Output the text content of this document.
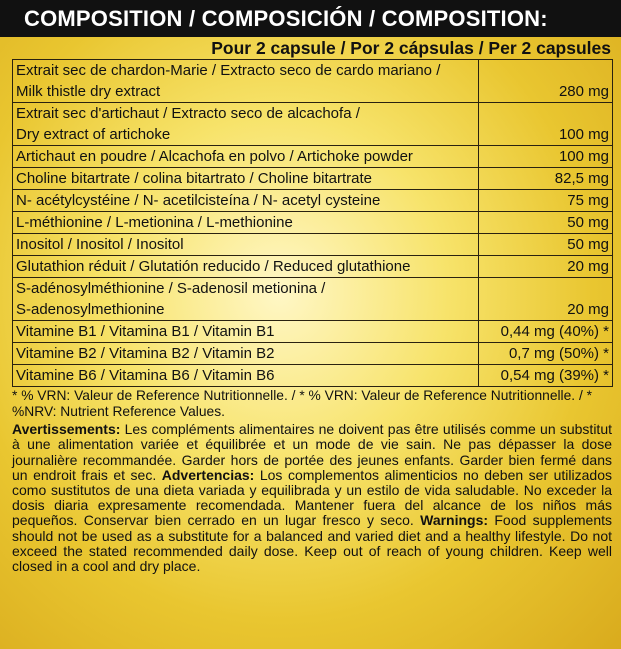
COMPOSITION / COMPOSICIÓN / COMPOSITION:
Pour 2 capsule / Por 2 cápsulas / Per 2 capsules
Extrait sec de chardon-Marie / Extracto seco de cardo mariano /
Milk thistle dry extract	280 mg

Extrait sec d'artichaut / Extracto seco de alcachofa /
Dry extract of artichoke	100 mg

Artichaut en poudre / Alcachofa en polvo / Artichoke powder	100 mg

Choline bitartrate / colina bitartrato / Choline bitartrate	82,5 mg

N- acétylcystéine / N- acetilcisteína / N- acetyl cysteine	75 mg

L-méthionine / L-metionina / L-methionine	50 mg

Inositol / Inositol / Inositol	50 mg

Glutathion réduit / Glutatión reducido / Reduced glutathione	20 mg

S-adénosylméthionine / S-adenosil metionina /
S-adenosylmethionine	20 mg

Vitamine B1 / Vitamina B1 / Vitamin B1	0,44 mg (40%) *

Vitamine B2 / Vitamina B2 / Vitamin B2	0,7 mg (50%) *

Vitamine B6 / Vitamina B6 / Vitamin B6	0,54 mg (39%) *

* % VRN: Valeur de Reference Nutritionnelle. / * % VRN: Valeur de Reference Nutritionnelle. / * %NRV: Nutrient Reference Values.

Avertissements: Les compléments alimentaires ne doivent pas être utilisés comme un substitut à une alimentation variée et équilibrée et un mode de vie sain. Ne pas dépasser la dose journalière recommandée. Garder hors de portée des jeunes enfants. Garder bien fermé dans un endroit frais et sec. Advertencias: Los complementos alimenticios no deben ser utilizados como sustitutos de una dieta variada y equilibrada y un estilo de vida saludable. No exceder la dosis diaria expresamente recomendada. Mantener fuera del alcance de los niños más pequeños. Conservar bien cerrado en un lugar fresco y seco. Warnings: Food supplements should not be used as a substitute for a balanced and varied diet and a healthy lifestyle. Do not exceed the stated recommended daily dose. Keep out of reach of young children. Keep well closed in a cool and dry place.
